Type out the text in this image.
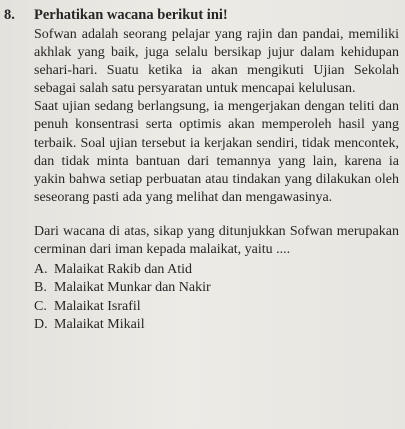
8. Perhatikan wacana berikut ini!

Sofwan adalah seorang pelajar yang rajin dan pandai, memiliki akhlak yang baik, juga selalu bersikap jujur dalam kehidupan sehari-hari. Suatu ketika ia akan mengikuti Ujian Sekolah sebagai salah satu persyaratan untuk mencapai kelulusan.

Saat ujian sedang berlangsung, ia mengerjakan dengan teliti dan penuh konsentrasi serta optimis akan memperoleh hasil yang terbaik. Soal ujian tersebut ia kerjakan sendiri, tidak mencontek, dan tidak minta bantuan dari temannya yang lain, karena ia yakin bahwa setiap perbuatan atau tindakan yang dilakukan oleh seseorang pasti ada yang melihat dan mengawasinya.

Dari wacana di atas, sikap yang ditunjukkan Sofwan merupakan cerminan dari iman kepada malaikat, yaitu ....
A. Malaikat Rakib dan Atid
B. Malaikat Munkar dan Nakir
C. Malaikat Israfil
D. Malaikat Mikail
